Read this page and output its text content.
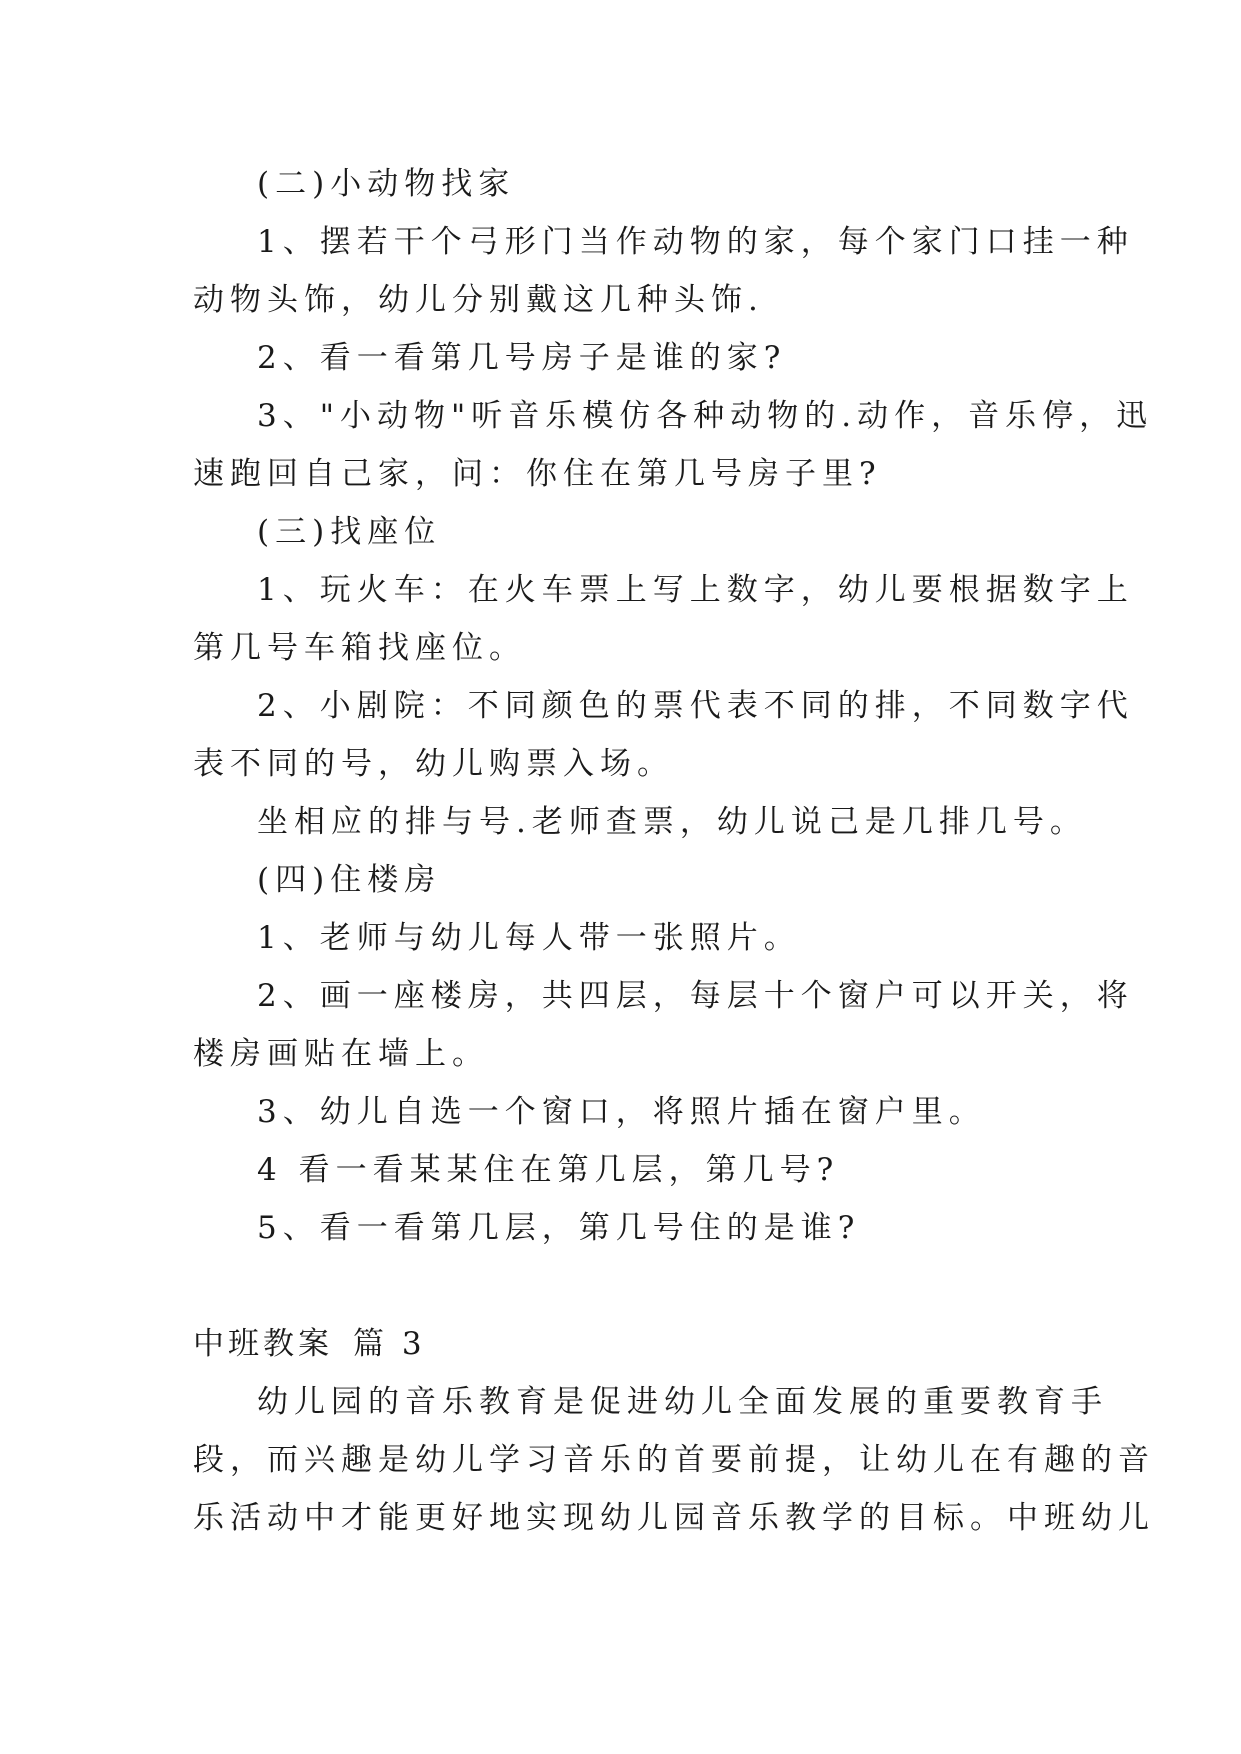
(二)小动物找家

1、摆若干个弓形门当作动物的家，每个家门口挂一种

动物头饰，幼儿分别戴这几种头饰.

2、看一看第几号房子是谁的家?

3、"小动物"听音乐模仿各种动物的.动作，音乐停，迅

速跑回自己家，问：你住在第几号房子里?

(三)找座位

1、玩火车：在火车票上写上数字，幼儿要根据数字上

第几号车箱找座位。

2、小剧院：不同颜色的票代表不同的排，不同数字代

表不同的号，幼儿购票入场。

坐相应的排与号.老师查票，幼儿说己是几排几号。

(四)住楼房

1、老师与幼儿每人带一张照片。

2、画一座楼房，共四层，每层十个窗户可以开关，将

楼房画贴在墙上。

3、幼儿自选一个窗口，将照片插在窗户里。

4 看一看某某住在第几层，第几号?

5、看一看第几层，第几号住的是谁?

中班教案 篇 3

幼儿园的音乐教育是促进幼儿全面发展的重要教育手

段，而兴趣是幼儿学习音乐的首要前提，让幼儿在有趣的音

乐活动中才能更好地实现幼儿园音乐教学的目标。中班幼儿
